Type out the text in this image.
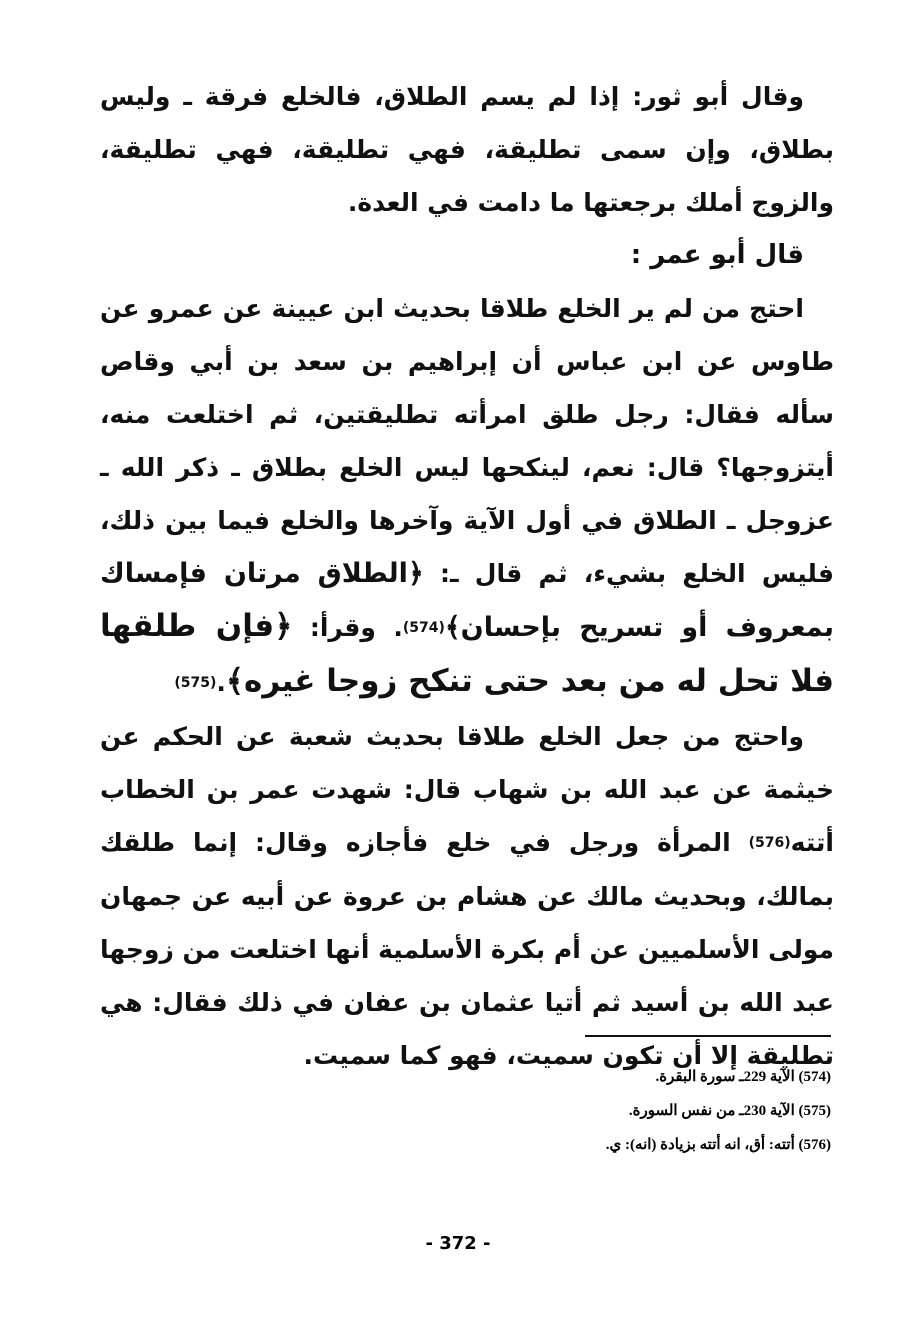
وقال أبو ثور: إذا لم يسم الطلاق، فالخلع فرقة ـ وليس بطلاق، وإن سمى تطليقة، فهي تطليقة، فهي تطليقة، والزوج أملك برجعتها ما دامت في العدة.

قال أبو عمر :

احتج من لم ير الخلع طلاقا بحديث ابن عيينة عن عمرو عن طاوس عن ابن عباس أن إبراهيم بن سعد بن أبي وقاص سأله فقال: رجل طلق امرأته تطليقتين، ثم اختلعت منه، أيتزوجها؟ قال: نعم، لينكحها ليس الخلع بطلاق ـ ذكر الله ـ عزوجل ـ الطلاق في أول الآية وآخرها والخلع فيما بين ذلك، فليس الخلع بشيء، ثم قال ـ: ﴿الطلاق مرتان فإمساك بمعروف أو تسريح بإحسان﴾(574). وقرأ: ﴿فإن طلقها فلا تحل له من بعد حتى تنكح زوجا غيره﴾.(575)

واحتج من جعل الخلع طلاقا بحديث شعبة عن الحكم عن خيثمة عن عبد الله بن شهاب قال: شهدت عمر بن الخطاب أتته(576) المرأة ورجل في خلع فأجازه وقال: إنما طلقك بمالك، وبحديث مالك عن هشام بن عروة عن أبيه عن جمهان مولى الأسلميين عن أم بكرة الأسلمية أنها اختلعت من زوجها عبد الله بن أسيد ثم أتيا عثمان بن عفان في ذلك فقال: هي تطليقة إلا أن تكون سميت، فهو كما سميت.

(574) الآية 229ـ سورة البقرة.
(575) الآية 230ـ من نفس السورة.
(576) أتته: أق، انه أتته بزيادة (انه): ي.
- 372 -
